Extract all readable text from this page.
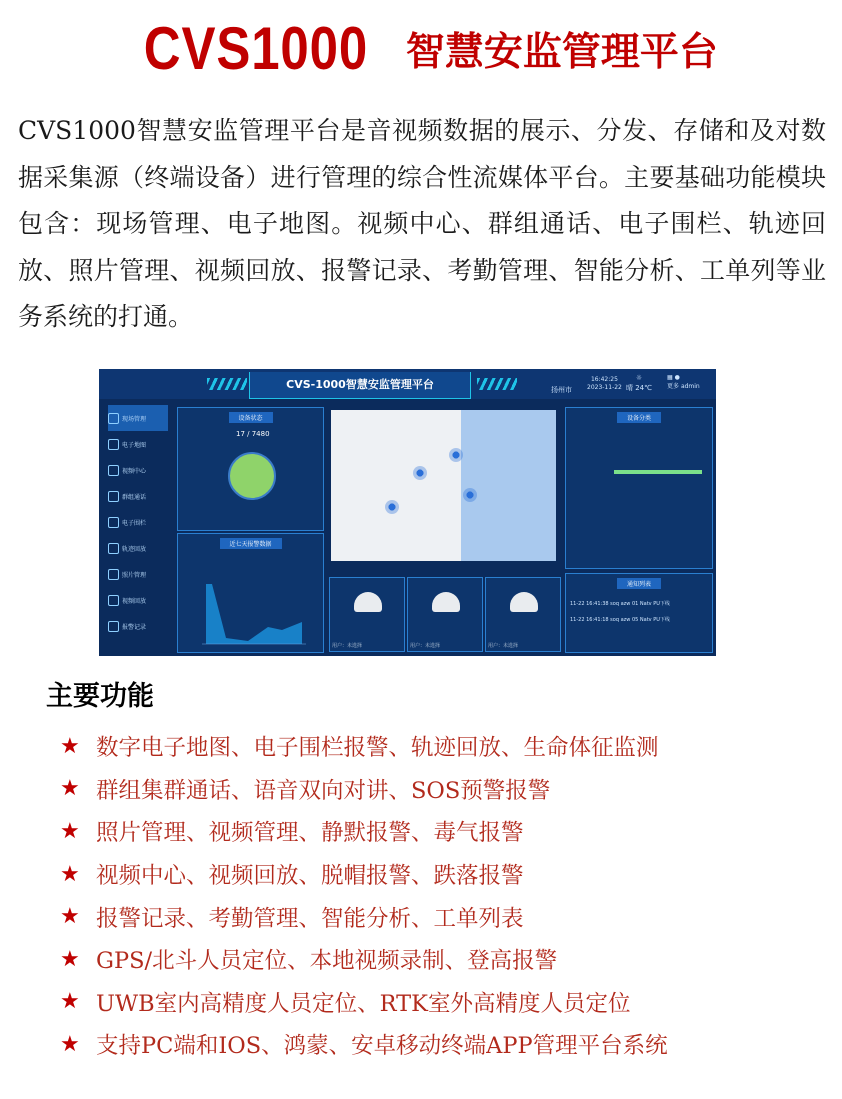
CVS1000 智慧安监管理平台
CVS1000智慧安监管理平台是音视频数据的展示、分发、存储和及对数据采集源（终端设备）进行管理的综合性流媒体平台。主要基础功能模块包含：现场管理、电子地图。视频中心、群组通话、电子围栏、轨迹回放、照片管理、视频回放、报警记录、考勤管理、智能分析、工单列等业务系统的打通。
CVS-1000智慧安监管理平台	扬州市
16:42:25
2023-11-22
☼
晴 24℃
▦ ●
更多 admin
现场管理
电子地图
视频中心
群组通话
电子围栏
轨迹回放
照片管理
视频回放
报警记录
设备状态
17 / 7480
近七天报警数据
设备分类
通知列表
11-22 16:41:38 soq azw 01 Natv PU下线
11-22 16:41:18 soq azw 05 Natv PU下线
用户：未选择	用户：未选择	用户：未选择
主要功能
★ 数字电子地图、电子围栏报警、轨迹回放、生命体征监测
★ 群组集群通话、语音双向对讲、SOS预警报警
★ 照片管理、视频管理、静默报警、毒气报警
★ 视频中心、视频回放、脱帽报警、跌落报警
★ 报警记录、考勤管理、智能分析、工单列表
★ GPS/北斗人员定位、本地视频录制、登高报警
★ UWB室内高精度人员定位、RTK室外高精度人员定位
★ 支持PC端和IOS、鸿蒙、安卓移动终端APP管理平台系统
